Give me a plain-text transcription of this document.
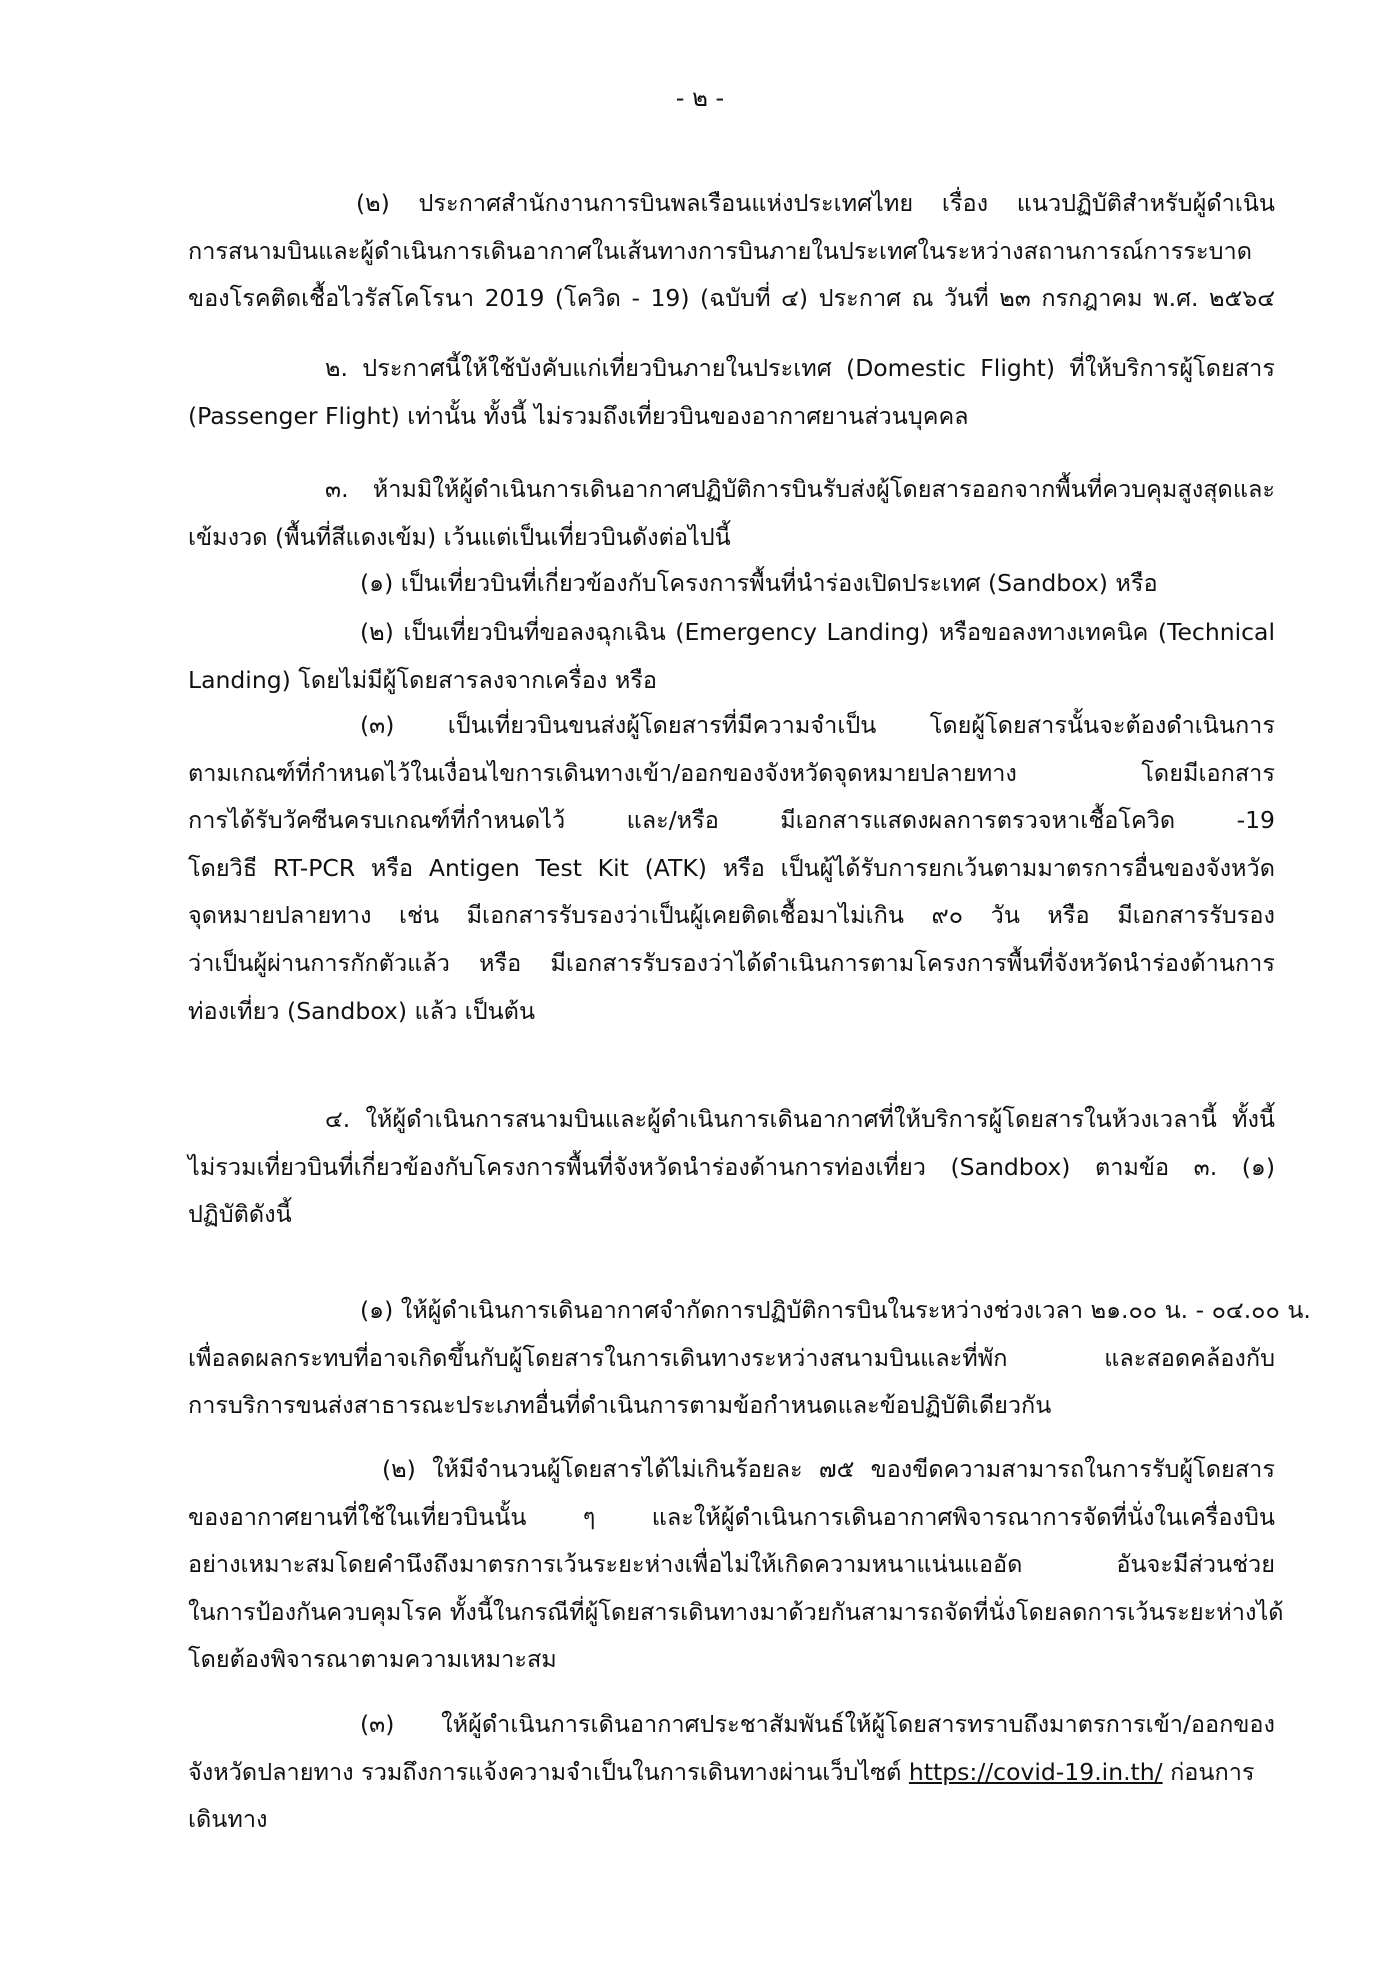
- ๒ -
(๒) ประกาศสำนักงานการบินพลเรือนแห่งประเทศไทย เรื่อง แนวปฏิบัติสำหรับผู้ดำเนิน
การสนามบินและผู้ดำเนินการเดินอากาศในเส้นทางการบินภายในประเทศในระหว่างสถานการณ์การระบาด
ของโรคติดเชื้อไวรัสโคโรนา 2019 (โควิด - 19) (ฉบับที่ ๔) ประกาศ ณ วันที่ ๒๓ กรกฎาคม พ.ศ. ๒๕๖๔
๒. ประกาศนี้ให้ใช้บังคับแก่เที่ยวบินภายในประเทศ (Domestic Flight) ที่ให้บริการผู้โดยสาร
(Passenger Flight) เท่านั้น ทั้งนี้ ไม่รวมถึงเที่ยวบินของอากาศยานส่วนบุคคล
๓. ห้ามมิให้ผู้ดำเนินการเดินอากาศปฏิบัติการบินรับส่งผู้โดยสารออกจากพื้นที่ควบคุมสูงสุดและ
เข้มงวด (พื้นที่สีแดงเข้ม) เว้นแต่เป็นเที่ยวบินดังต่อไปนี้
(๑) เป็นเที่ยวบินที่เกี่ยวข้องกับโครงการพื้นที่นำร่องเปิดประเทศ (Sandbox) หรือ
(๒) เป็นเที่ยวบินที่ขอลงฉุกเฉิน (Emergency Landing) หรือขอลงทางเทคนิค (Technical
Landing) โดยไม่มีผู้โดยสารลงจากเครื่อง หรือ
(๓) เป็นเที่ยวบินขนส่งผู้โดยสารที่มีความจำเป็น โดยผู้โดยสารนั้นจะต้องดำเนินการ
ตามเกณฑ์ที่กำหนดไว้ในเงื่อนไขการเดินทางเข้า/ออกของจังหวัดจุดหมายปลายทาง โดยมีเอกสาร
การได้รับวัคซีนครบเกณฑ์ที่กำหนดไว้ และ/หรือ มีเอกสารแสดงผลการตรวจหาเชื้อโควิด -19
โดยวิธี RT-PCR หรือ Antigen Test Kit (ATK) หรือ เป็นผู้ได้รับการยกเว้นตามมาตรการอื่นของจังหวัด
จุดหมายปลายทาง เช่น มีเอกสารรับรองว่าเป็นผู้เคยติดเชื้อมาไม่เกิน ๙๐ วัน หรือ มีเอกสารรับรอง
ว่าเป็นผู้ผ่านการกักตัวแล้ว หรือ มีเอกสารรับรองว่าได้ดำเนินการตามโครงการพื้นที่จังหวัดนำร่องด้านการ
ท่องเที่ยว (Sandbox) แล้ว เป็นต้น
๔. ให้ผู้ดำเนินการสนามบินและผู้ดำเนินการเดินอากาศที่ให้บริการผู้โดยสารในห้วงเวลานี้ ทั้งนี้
ไม่รวมเที่ยวบินที่เกี่ยวข้องกับโครงการพื้นที่จังหวัดนำร่องด้านการท่องเที่ยว (Sandbox) ตามข้อ ๓. (๑)
ปฏิบัติดังนี้
(๑) ให้ผู้ดำเนินการเดินอากาศจำกัดการปฏิบัติการบินในระหว่างช่วงเวลา ๒๑.๐๐ น. - ๐๔.๐๐ น.
เพื่อลดผลกระทบที่อาจเกิดขึ้นกับผู้โดยสารในการเดินทางระหว่างสนามบินและที่พัก และสอดคล้องกับ
การบริการขนส่งสาธารณะประเภทอื่นที่ดำเนินการตามข้อกำหนดและข้อปฏิบัติเดียวกัน
(๒) ให้มีจำนวนผู้โดยสารได้ไม่เกินร้อยละ ๗๕ ของขีดความสามารถในการรับผู้โดยสาร
ของอากาศยานที่ใช้ในเที่ยวบินนั้น ๆ และให้ผู้ดำเนินการเดินอากาศพิจารณาการจัดที่นั่งในเครื่องบิน
อย่างเหมาะสมโดยคำนึงถึงมาตรการเว้นระยะห่างเพื่อไม่ให้เกิดความหนาแน่นแออัด อันจะมีส่วนช่วย
ในการป้องกันควบคุมโรค ทั้งนี้ในกรณีที่ผู้โดยสารเดินทางมาด้วยกันสามารถจัดที่นั่งโดยลดการเว้นระยะห่างได้
โดยต้องพิจารณาตามความเหมาะสม
(๓) ให้ผู้ดำเนินการเดินอากาศประชาสัมพันธ์ให้ผู้โดยสารทราบถึงมาตรการเข้า/ออกของ
จังหวัดปลายทาง รวมถึงการแจ้งความจำเป็นในการเดินทางผ่านเว็บไซต์ https://covid-19.in.th/ ก่อนการ
เดินทาง
